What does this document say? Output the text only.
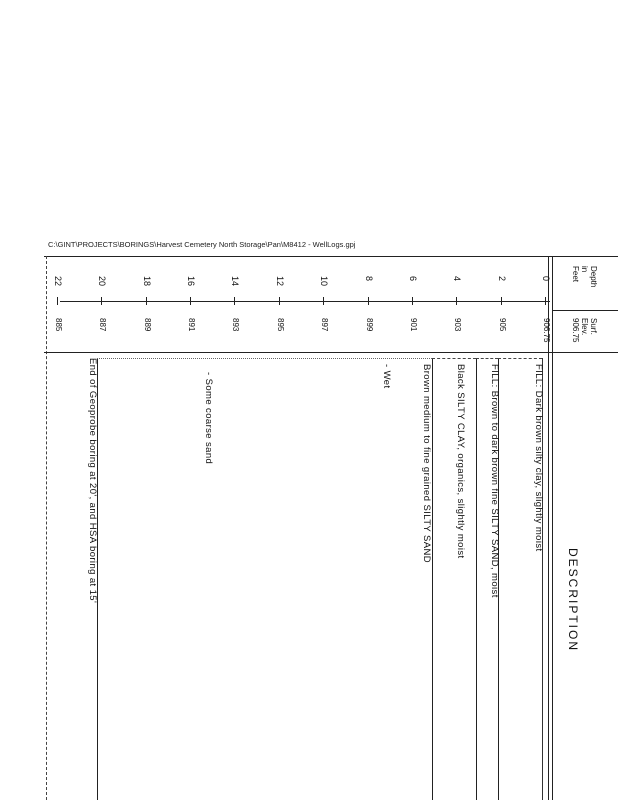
C:\GINT\PROJECTS\BORINGS\Harvest Cemetery North Storage\Pan\M8412 - WellLogs.gpj
Depth
in
Feet
Surf.
Elev.
906.75
0
906.75
2
905
4
903
6
901
8
899
10
897
12
895
14
893
16
891
18
889
20
887
22
885
DESCRIPTION
FILL: Dark brown silty clay, slightly moist
FILL: Brown to dark brown fine SILTY SAND, moist
Black SILTY CLAY, organics, slightly moist
Brown medium to fine grained SILTY SAND
- Wet
- Some coarse sand
End of Geoprobe boring at 20', and HSA boring at 15'
